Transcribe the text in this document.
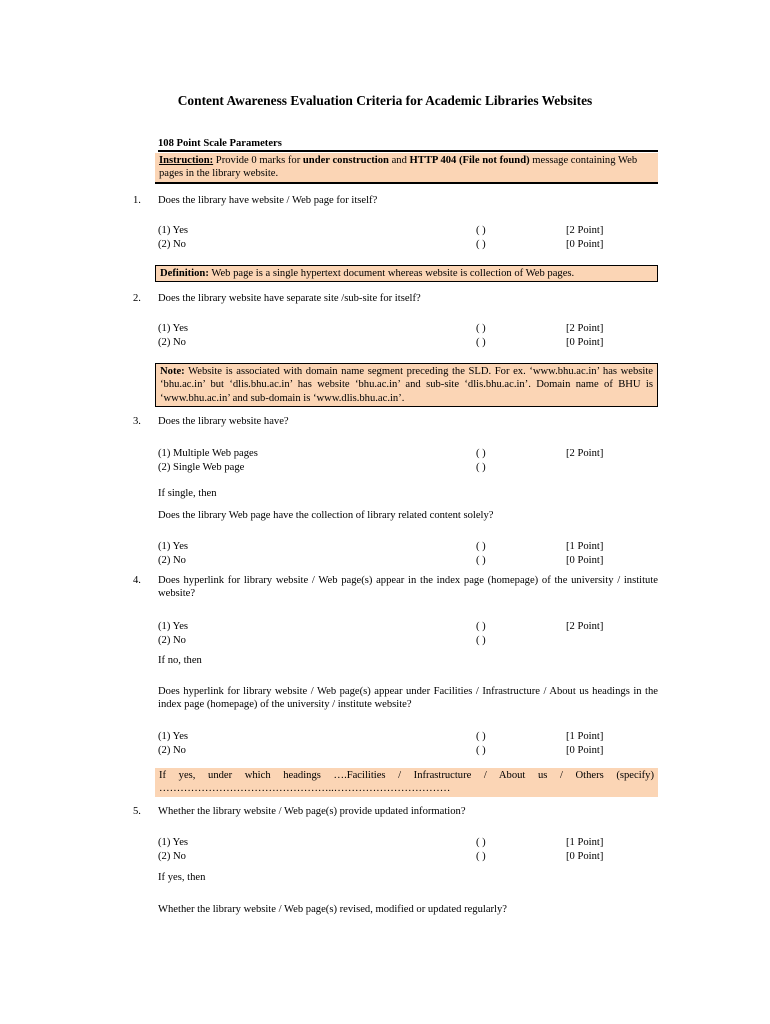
Content Awareness Evaluation Criteria for Academic Libraries Websites
108 Point Scale Parameters
Instruction: Provide 0 marks for under construction and HTTP 404 (File not found) message containing Web pages in the library website.
1. Does the library have website / Web page for itself?
(1) Yes	( )	[2 Point]
(2) No	( )	[0 Point]
Definition: Web page is a single hypertext document whereas website is collection of Web pages.
2. Does the library website have separate site /sub-site for itself?
(1) Yes	( )	[2 Point]
(2) No	( )	[0 Point]
Note: Website is associated with domain name segment preceding the SLD. For ex. ‘www.bhu.ac.in’ has website ‘bhu.ac.in’ but ‘dlis.bhu.ac.in’ has website ‘bhu.ac.in’ and sub-site ‘dlis.bhu.ac.in’. Domain name of BHU is ‘www.bhu.ac.in’ and sub-domain is ‘www.dlis.bhu.ac.in’.
3. Does the library website have?
(1) Multiple Web pages	( )	[2 Point]
(2) Single Web page	( )
If single, then
Does the library Web page have the collection of library related content solely?
(1) Yes	( )	[1 Point]
(2) No	( )	[0 Point]
4. Does hyperlink for library website / Web page(s) appear in the index page (homepage) of the university / institute website?
(1) Yes	( )	[2 Point]
(2) No	( )
If no, then
Does hyperlink for library website / Web page(s) appear under Facilities / Infrastructure / About us headings in the index page (homepage) of the university / institute website?
(1) Yes	( )	[1 Point]
(2) No	( )	[0 Point]
If yes, under which headings ….Facilities / Infrastructure / About us / Others (specify) …………………………………………..……………………………
5. Whether the library website / Web page(s) provide updated information?
(1) Yes	( )	[1 Point]
(2) No	( )	[0 Point]
If yes, then
Whether the library website / Web page(s) revised, modified or updated regularly?
